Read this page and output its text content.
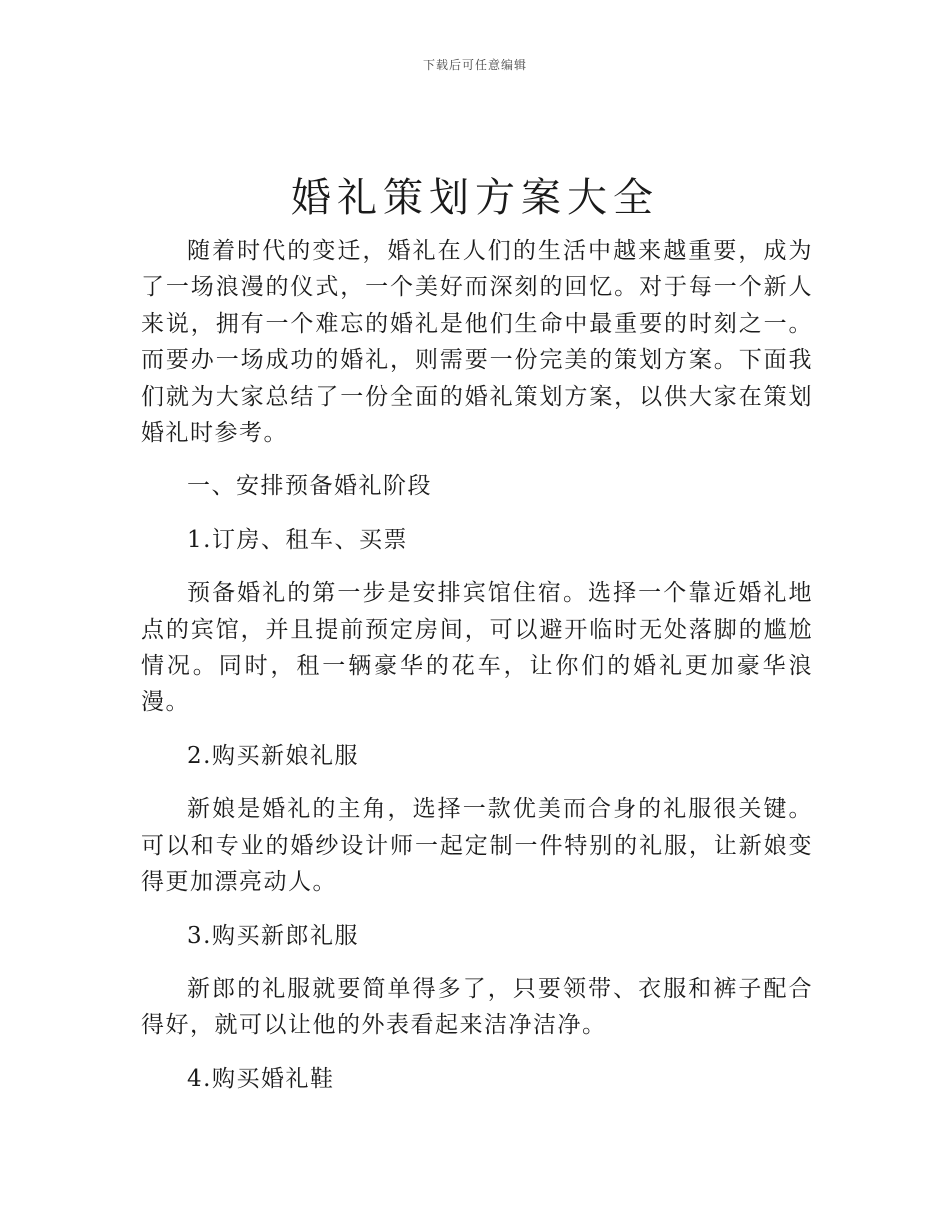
下载后可任意编辑
婚礼策划方案大全

随着时代的变迁，婚礼在人们的生活中越来越重要，成为了一场浪漫的仪式，一个美好而深刻的回忆。对于每一个新人来说，拥有一个难忘的婚礼是他们生命中最重要的时刻之一。而要办一场成功的婚礼，则需要一份完美的策划方案。下面我们就为大家总结了一份全面的婚礼策划方案，以供大家在策划婚礼时参考。

一、安排预备婚礼阶段

1.订房、租车、买票

预备婚礼的第一步是安排宾馆住宿。选择一个靠近婚礼地点的宾馆，并且提前预定房间，可以避开临时无处落脚的尴尬情况。同时，租一辆豪华的花车，让你们的婚礼更加豪华浪漫。

2.购买新娘礼服

新娘是婚礼的主角，选择一款优美而合身的礼服很关键。可以和专业的婚纱设计师一起定制一件特别的礼服，让新娘变得更加漂亮动人。

3.购买新郎礼服

新郎的礼服就要简单得多了，只要领带、衣服和裤子配合得好，就可以让他的外表看起来洁净洁净。

4.购买婚礼鞋
